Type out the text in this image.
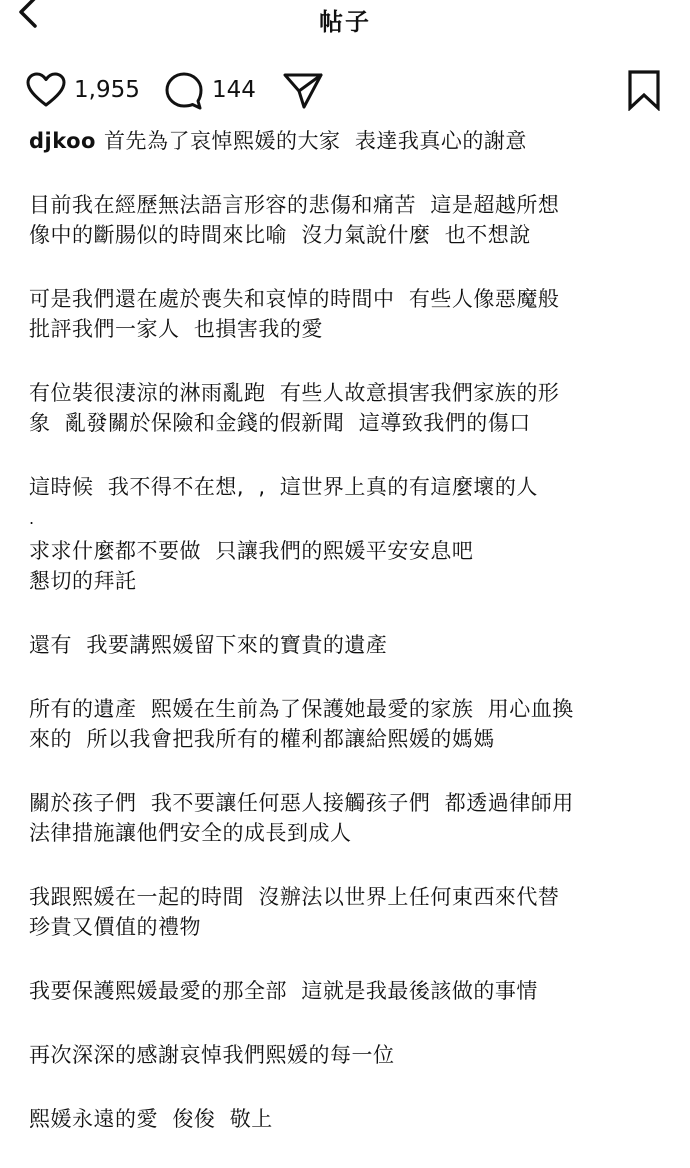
帖子
1,955	144
djkoo 首先為了哀悼熙媛的大家  表達我真心的謝意
目前我在經歷無法語言形容的悲傷和痛苦  這是超越所想
像中的斷腸似的時間來比喻  沒力氣說什麼  也不想說
可是我們還在處於喪失和哀悼的時間中  有些人像惡魔般
批評我們一家人  也損害我的愛
有位裝很淒涼的淋雨亂跑  有些人故意損害我們家族的形
象  亂發關於保險和金錢的假新聞  這導致我們的傷口
這時候  我不得不在想,  ,  這世界上真的有這麼壞的人
.
求求什麼都不要做  只讓我們的熙媛平安安息吧
懇切的拜託
還有  我要講熙媛留下來的寶貴的遺產
所有的遺產  熙媛在生前為了保護她最愛的家族  用心血換
來的  所以我會把我所有的權利都讓給熙媛的媽媽
關於孩子們  我不要讓任何惡人接觸孩子們  都透過律師用
法律措施讓他們安全的成長到成人
我跟熙媛在一起的時間  沒辦法以世界上任何東西來代替
珍貴又價值的禮物
我要保護熙媛最愛的那全部  這就是我最後該做的事情
再次深深的感謝哀悼我們熙媛的每一位
熙媛永遠的愛  俊俊  敬上
